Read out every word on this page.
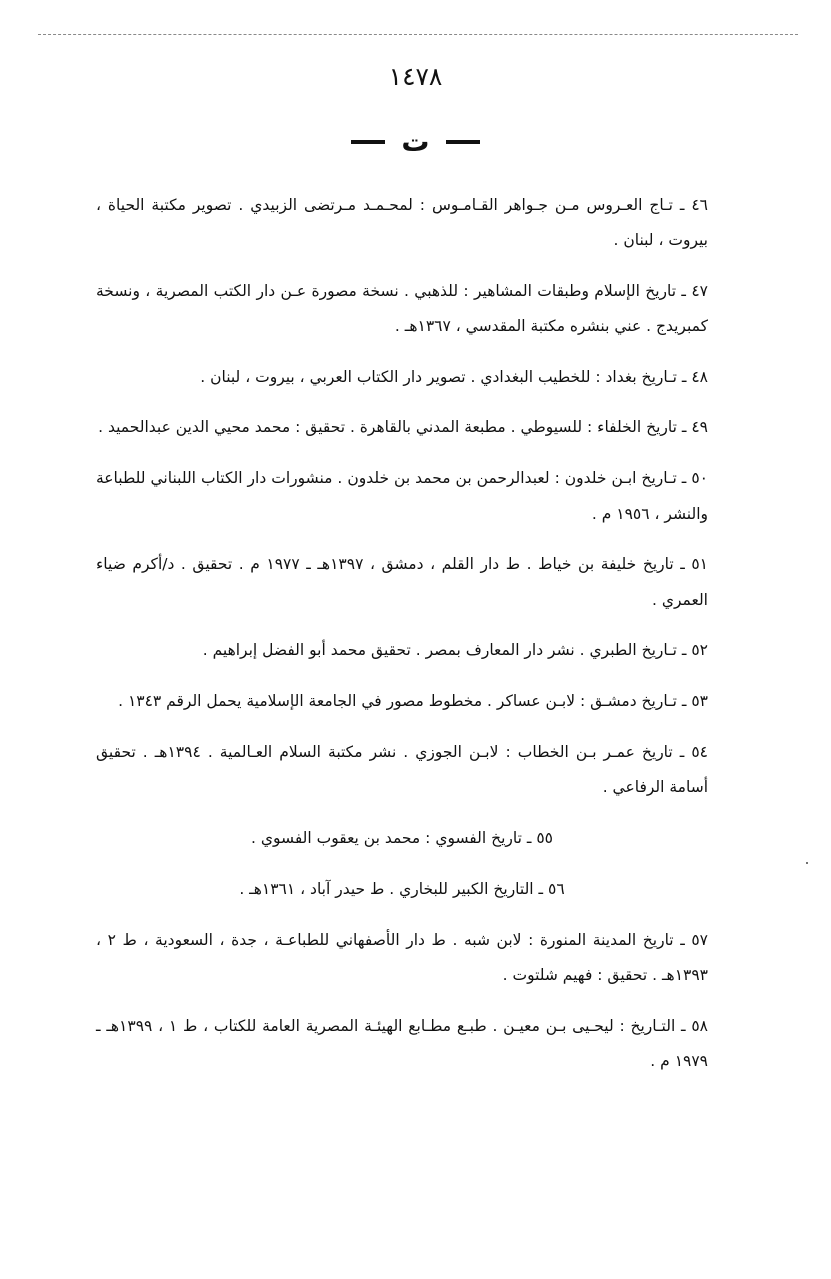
١٤٧٨
ت

٤٦ ـ تـاج العـروس مـن جـواهر القـامـوس : لمحـمـد مـرتضى الزبيدي . تصوير مكتبة الحياة ، بيروت ، لبنان .

٤٧ ـ تاريخ الإسلام وطبقات المشاهير : للذهبي . نسخة مصورة عـن دار الكتب المصرية ، ونسخة كمبريدج . عني بنشره مكتبة المقدسي ، ١٣٦٧هـ .

٤٨ ـ تـاريخ بغداد : للخطيب البغدادي . تصوير دار الكتاب العربي ، بيروت ، لبنان .

٤٩ ـ تاريخ الخلفاء : للسيوطي . مطبعة المدني بالقاهرة . تحقيق : محمد محيي الدين عبدالحميد .

٥٠ ـ تـاريخ ابـن خلدون : لعبدالرحمن بن محمد بن خلدون . منشورات دار الكتاب اللبناني للطباعة والنشر ، ١٩٥٦ م .

٥١ ـ تاريخ خليفة بن خياط . ط دار القلم ، دمشق ، ١٣٩٧هـ ـ ١٩٧٧ م . تحقيق . د/أكرم ضياء العمري .

٥٢ ـ تـاريخ الطبري . نشر دار المعارف بمصر . تحقيق محمد أبو الفضل إبراهيم .

٥٣ ـ تـاريخ دمشـق : لابـن عساكر . مخطوط مصور في الجامعة الإسلامية يحمل الرقم ١٣٤٣ .

٥٤ ـ تاريخ عمـر بـن الخطاب : لابـن الجوزي . نشر مكتبة السلام العـالمية . ١٣٩٤هـ . تحقيق أسامة الرفاعي .

٥٥ ـ تاريخ الفسوي : محمد بن يعقوب الفسوي .

٥٦ ـ التاريخ الكبير للبخاري . ط حيدر آباد ، ١٣٦١هـ .

٥٧ ـ تاريخ المدينة المنورة : لابن شبه . ط دار الأصفهاني للطباعـة ، جدة ، السعودية ، ط ٢ ، ١٣٩٣هـ . تحقيق : فهيم شلتوت .

٥٨ ـ التـاريخ : ليحـيى بـن معيـن . طبـع مطـابع الهيئـة المصرية العامة للكتاب ، ط ١ ، ١٣٩٩هـ ـ ١٩٧٩ م .
